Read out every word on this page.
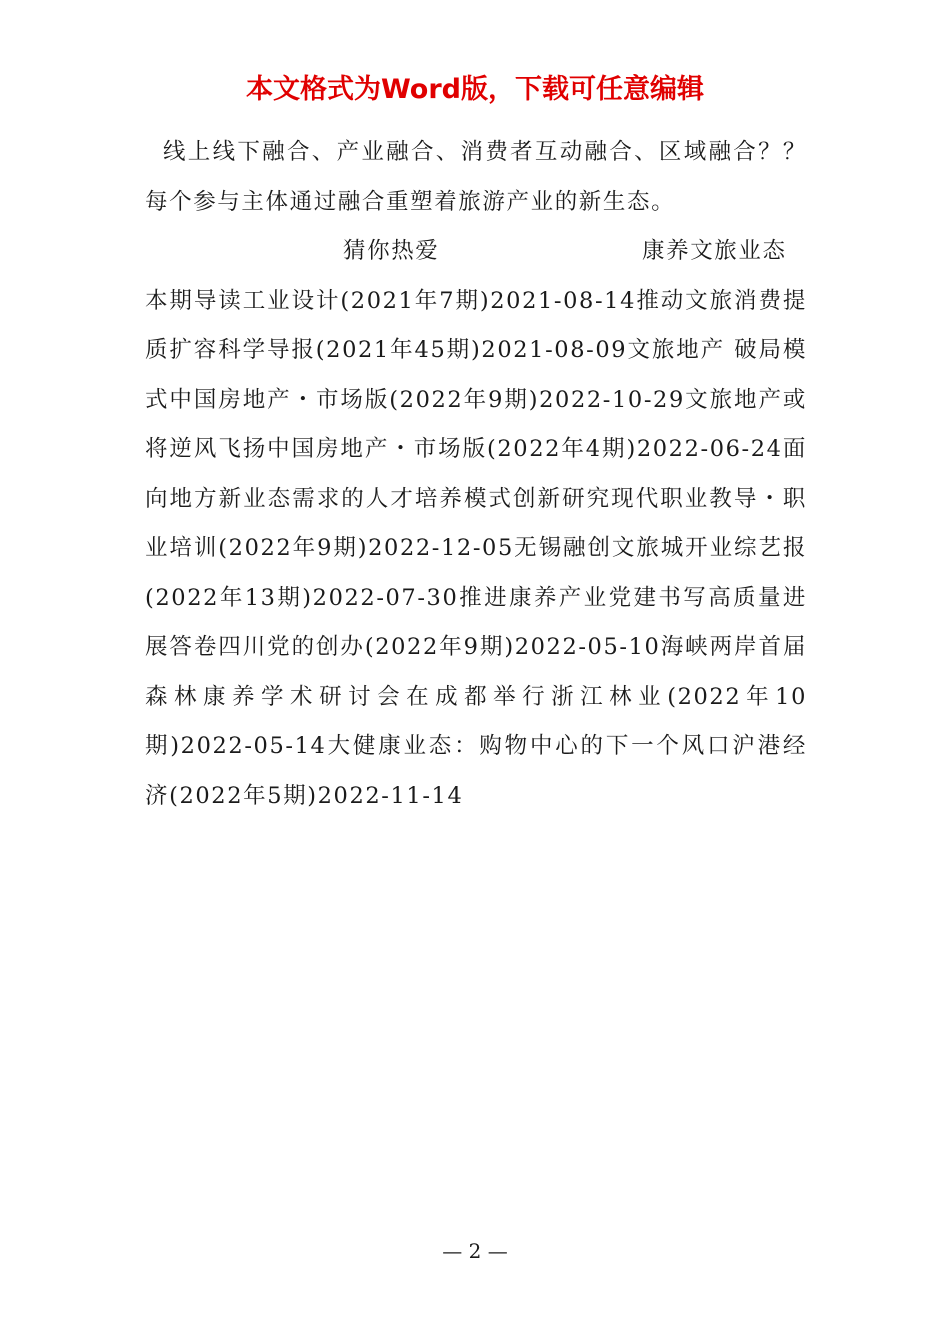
本文格式为Word版，下载可任意编辑

线上线下融合、产业融合、消费者互动融合、区域融合？？每个参与主体通过融合重塑着旅游产业的新生态。

猜你热爱	康养文旅业态

本期导读工业设计(2021年7期)2021-08-14推动文旅消费提质扩容科学导报(2021年45期)2021-08-09文旅地产 破局模式中国房地产・市场版(2022年9期)2022-10-29文旅地产或将逆风飞扬中国房地产・市场版(2022年4期)2022-06-24面向地方新业态需求的人才培养模式创新研究现代职业教导・职业培训(2022年9期)2022-12-05无锡融创文旅城开业综艺报(2022年13期)2022-07-30推进康养产业党建书写高质量进展答卷四川党的创办(2022年9期)2022-05-10海峡两岸首届森林康养学术研讨会在成都举行浙江林业(2022年10期)2022-05-14大健康业态：购物中心的下一个风口沪港经济(2022年5期)2022-11-14

— 2 —
